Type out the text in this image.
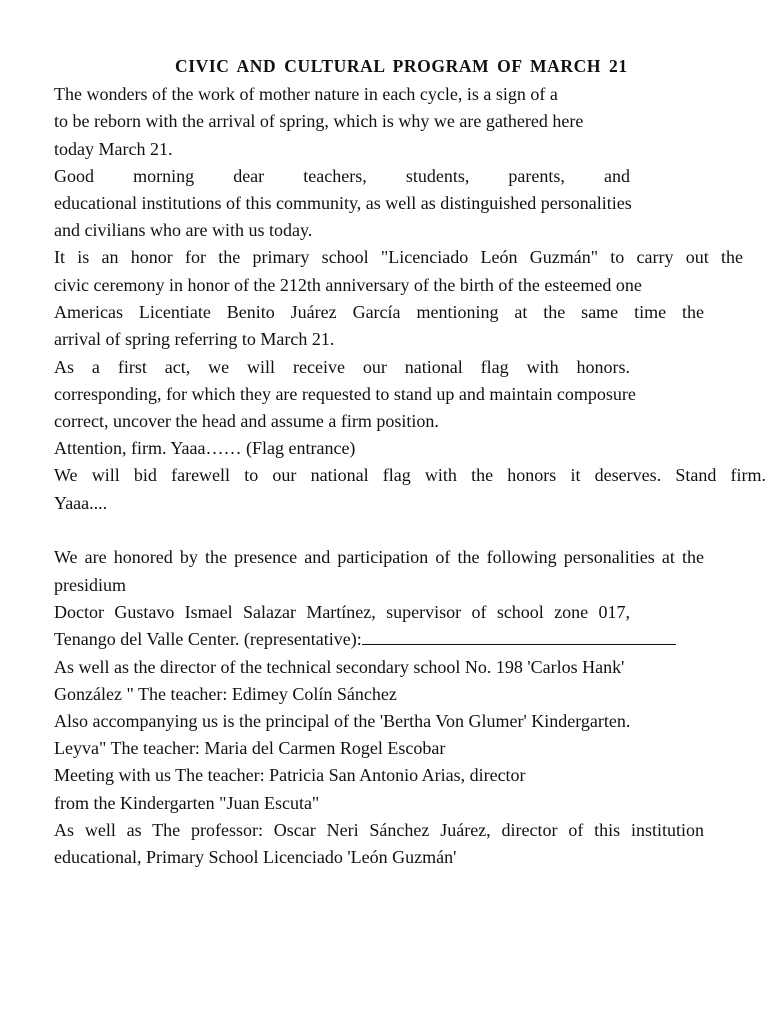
CIVIC AND CULTURAL PROGRAM OF MARCH 21
The wonders of the work of mother nature in each cycle, is a sign of a
to be reborn with the arrival of spring, which is why we are gathered here
today March 21.
Good morning dear teachers, students, parents, and
educational institutions of this community, as well as distinguished personalities
and civilians who are with us today.
It is an honor for the primary school "Licenciado León Guzmán" to carry out the
civic ceremony in honor of the 212th anniversary of the birth of the esteemed one
Americas Licentiate Benito Juárez García mentioning at the same time the
arrival of spring referring to March 21.
As a first act, we will receive our national flag with honors.
corresponding, for which they are requested to stand up and maintain composure
correct, uncover the head and assume a firm position.
Attention, firm. Yaaa…… (Flag entrance)
We will bid farewell to our national flag with the honors it deserves. Stand firm.
Yaaa....
We are honored by the presence and participation of the following personalities at the
presidium
Doctor Gustavo Ismael Salazar Martínez, supervisor of school zone 017,
Tenango del Valle Center. (representative):
As well as the director of the technical secondary school No. 198 'Carlos Hank'
González " The teacher: Edimey Colín Sánchez
Also accompanying us is the principal of the 'Bertha Von Glumer' Kindergarten.
Leyva" The teacher: Maria del Carmen Rogel Escobar
Meeting with us The teacher: Patricia San Antonio Arias, director
from the Kindergarten "Juan Escuta"
As well as The professor: Oscar Neri Sánchez Juárez, director of this institution
educational, Primary School Licenciado 'León Guzmán'
